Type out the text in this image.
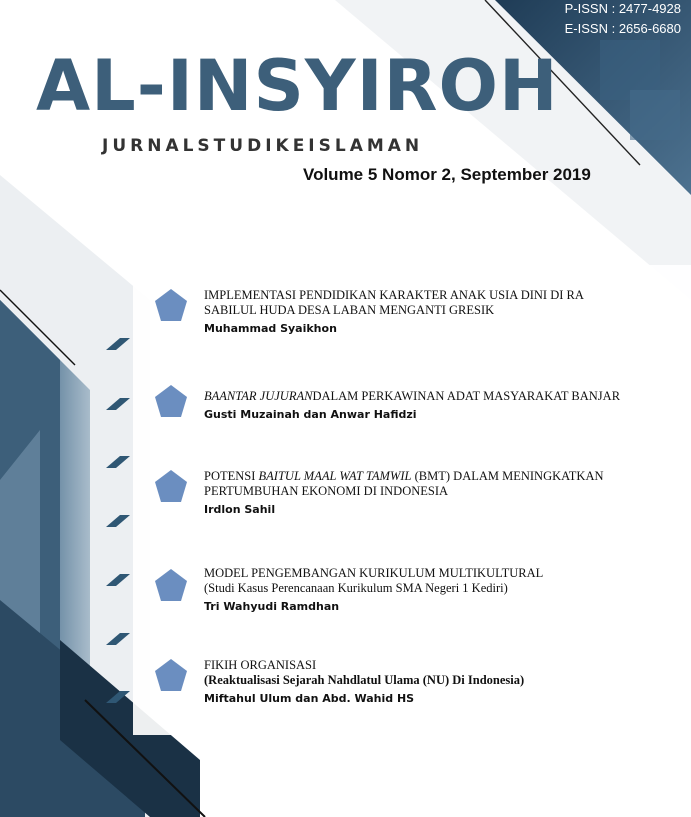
P-ISSN : 2477-4928
E-ISSN : 2656-6680
AL-INSYIROH
JURNALSTUDIKEISLAMAN
Volume 5 Nomor 2, September 2019
IMPLEMENTASI PENDIDIKAN KARAKTER ANAK USIA DINI DI RA
SABILUL HUDA DESA LABAN MENGANTI GRESIK
Muhammad Syaikhon
BAANTAR JUJURANDALAM PERKAWINAN ADAT MASYARAKAT BANJAR
Gusti Muzainah dan Anwar Hafidzi
POTENSI BAITUL MAAL WAT TAMWIL (BMT) DALAM MENINGKATKAN
PERTUMBUHAN EKONOMI DI INDONESIA
Irdlon Sahil
MODEL PENGEMBANGAN KURIKULUM MULTIKULTURAL
(Studi Kasus Perencanaan Kurikulum SMA Negeri 1 Kediri)
Tri Wahyudi Ramdhan
FIKIH ORGANISASI
(Reaktualisasi Sejarah Nahdlatul Ulama (NU) Di Indonesia)
Miftahul Ulum dan Abd. Wahid HS
